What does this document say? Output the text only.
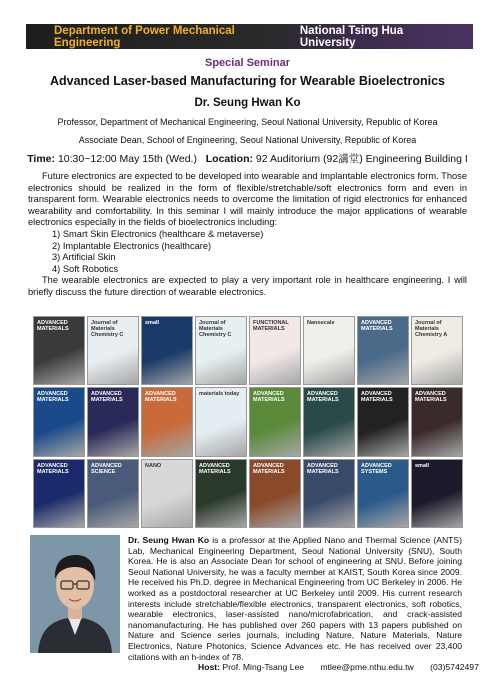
Department of Power Mechanical Engineering
National Tsing Hua University
Special Seminar
Advanced Laser-based Manufacturing for Wearable Bioelectronics
Dr. Seung Hwan Ko
Professor, Department of Mechanical Engineering, Seoul National University, Republic of Korea
Associate Dean, School of Engineering, Seoul National University, Republic of Korea
Time: 10:30~12:00 May 15th (Wed.) Location: 92 Auditorium (92講堂) Engineering Building I

Future electronics are expected to be developed into wearable and implantable electronics form. Those electronics should be realized in the form of flexible/stretchable/soft electronics form and even in transparent form. Wearable electronics needs to overcome the limitation of rigid electronics for enhanced wearability and comfortability. In this seminar I will mainly introduce the major applications of wearable electronics especially in the fields of bioelectronics including:

1) Smart Skin Electronics (healthcare & metaverse)
2) Implantable Electronics (healthcare)
3) Artificial Skin
4) Soft Robotics

The wearable electronics are expected to play a very important role in healthcare engineering. I will briefly discuss the future direction of wearable electronics.

ADVANCED MATERIALS
Journal of Materials Chemistry C
small	Journal of Materials Chemistry C
FUNCTIONAL MATERIALS
Nanoscale	ADVANCED MATERIALS
Journal of Materials Chemistry A
ADVANCED MATERIALS
ADVANCED MATERIALS
ADVANCED MATERIALS
materials today ADVANCED MATERIALS
ADVANCED MATERIALS
ADVANCED MATERIALS
ADVANCED MATERIALS
ADVANCED MATERIALS
ADVANCED SCIENCE
NANO	ADVANCED MATERIALS
ADVANCED MATERIALS
ADVANCED MATERIALS
ADVANCED SYSTEMS
small
Dr. Seung Hwan Ko is a professor at the Applied Nano and Thermal Science (ANTS) Lab, Mechanical Engineering Department, Seoul National University (SNU), South Korea. He is also an Associate Dean for school of engineering at SNU. Before joining Seoul National University, he was a faculty member at KAIST, South Korea since 2009. He received his Ph.D. degree in Mechanical Engineering from UC Berkeley in 2006. He worked as a postdoctoral researcher at UC Berkeley until 2009. His current research interests include stretchable/flexible electronics, transparent electronics, soft robotics, wearable electronics, laser-assisted nano/microfabrication, and crack-assisted nanomanufacturing. He has published over 260 papers with 13 papers published on Nature and Science series journals, including Nature, Nature Materials, Nature Electronics, Nature Photonics, Science Advances etc. He has received over 23,400 citations with an h-index of 78.
Host: Prof. Ming-Tsang Lee mtlee@pme.nthu.edu.tw (03)5742497
